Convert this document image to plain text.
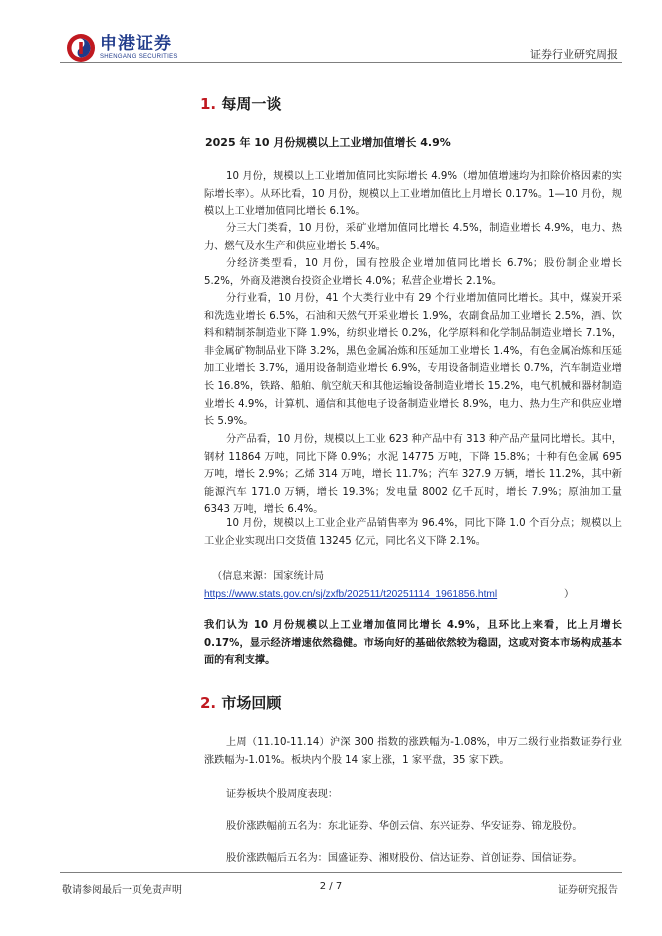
申港证券
SHENGANG SECURITIES	证券行业研究周报
1. 每周一谈
2025 年 10 月份规模以上工业增加值增长 4.9%

10 月份，规模以上工业增加值同比实际增长 4.9%（增加值增速均为扣除价格因素的实际增长率）。从环比看，10 月份，规模以上工业增加值比上月增长 0.17%。1—10 月份，规模以上工业增加值同比增长 6.1%。

分三大门类看，10 月份，采矿业增加值同比增长 4.5%，制造业增长 4.9%，电力、热力、燃气及水生产和供应业增长 5.4%。

分经济类型看，10 月份，国有控股企业增加值同比增长 6.7%；股份制企业增长 5.2%，外商及港澳台投资企业增长 4.0%；私营企业增长 2.1%。

分行业看，10 月份，41 个大类行业中有 29 个行业增加值同比增长。其中，煤炭开采和洗选业增长 6.5%，石油和天然气开采业增长 1.9%，农副食品加工业增长 2.5%，酒、饮料和精制茶制造业下降 1.9%，纺织业增长 0.2%，化学原料和化学制品制造业增长 7.1%，非金属矿物制品业下降 3.2%，黑色金属冶炼和压延加工业增长 1.4%，有色金属冶炼和压延加工业增长 3.7%，通用设备制造业增长 6.9%，专用设备制造业增长 0.7%，汽车制造业增长 16.8%，铁路、船舶、航空航天和其他运输设备制造业增长 15.2%，电气机械和器材制造业增长 4.9%，计算机、通信和其他电子设备制造业增长 8.9%，电力、热力生产和供应业增长 5.9%。

分产品看，10 月份，规模以上工业 623 种产品中有 313 种产品产量同比增长。其中，钢材 11864 万吨，同比下降 0.9%；水泥 14775 万吨，下降 15.8%；十种有色金属 695 万吨，增长 2.9%；乙烯 314 万吨，增长 11.7%；汽车 327.9 万辆，增长 11.2%，其中新能源汽车 171.0 万辆，增长 19.3%；发电量 8002 亿千瓦时，增长 7.9%；原油加工量 6343 万吨，增长 6.4%。

10 月份，规模以上工业企业产品销售率为 96.4%，同比下降 1.0 个百分点；规模以上工业企业实现出口交货值 13245 亿元，同比名义下降 2.1%。

（信息来源：国家统计局
https://www.stats.gov.cn/sj/zxfb/202511/t20251114_1961856.html	）

我们认为 10 月份规模以上工业增加值同比增长 4.9%，且环比上来看，比上月增长 0.17%，显示经济增速依然稳健。市场向好的基础依然较为稳固，这或对资本市场构成基本面的有利支撑。

2. 市场回顾

上周（11.10-11.14）沪深 300 指数的涨跌幅为-1.08%，申万二级行业指数证券行业涨跌幅为-1.01%。板块内个股 14 家上涨，1 家平盘，35 家下跌。

证券板块个股周度表现：

股价涨跌幅前五名为：东北证券、华创云信、东兴证券、华安证券、锦龙股份。

股价涨跌幅后五名为：国盛证券、湘财股份、信达证券、首创证券、国信证券。

敬请参阅最后一页免责声明	2 / 7	证券研究报告
